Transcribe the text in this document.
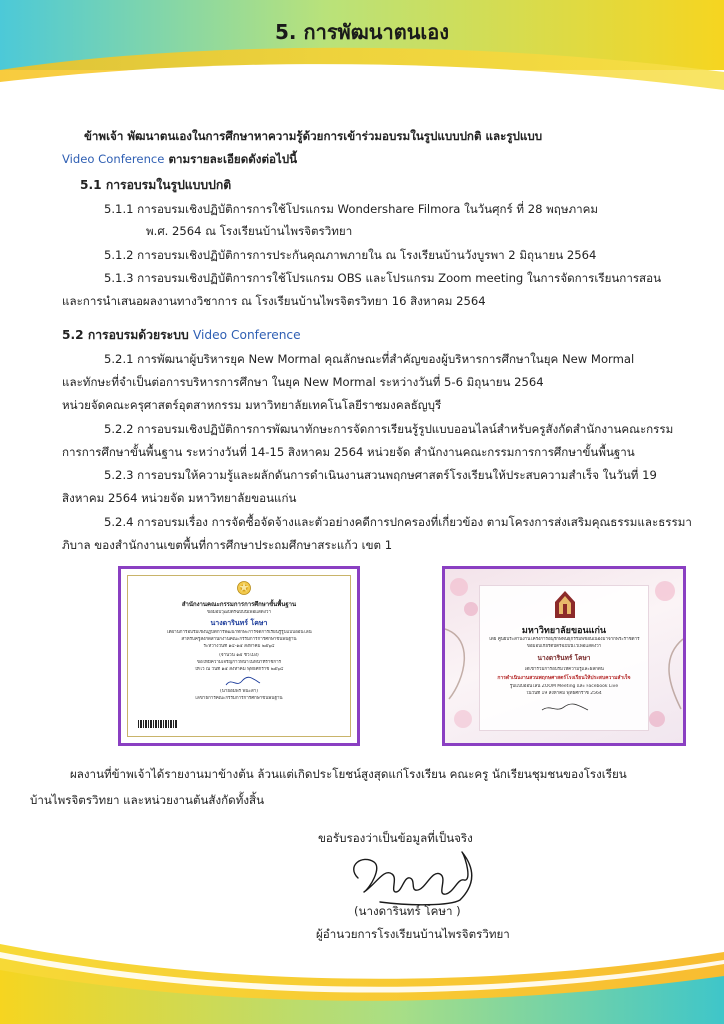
5. การพัฒนาตนเอง
ข้าพเจ้า พัฒนาตนเองในการศึกษาหาความรู้ด้วยการเข้าร่วมอบรมในรูปแบบปกติ และรูปแบบ
Video Conference ตามรายละเอียดดังต่อไปนี้
5.1 การอบรมในรูปแบบปกติ
5.1.1 การอบรมเชิงปฏิบัติการการใช้โปรแกรม Wondershare Filmora ในวันศุกร์ ที่ 28 พฤษภาคม
พ.ศ. 2564 ณ โรงเรียนบ้านไพรจิตรวิทยา
5.1.2 การอบรมเชิงปฏิบัติการการประกันคุณภาพภายใน ณ โรงเรียนบ้านวังบูรพา 2 มิถุนายน 2564
5.1.3 การอบรมเชิงปฏิบัติการการใช้โปรแกรม OBS และโปรแกรม Zoom meeting ในการจัดการเรียนการสอน
และการนำเสนอผลงานทางวิชาการ ณ โรงเรียนบ้านไพรจิตรวิทยา 16 สิงหาคม 2564
5.2 การอบรมด้วยระบบ Video Conference
5.2.1 การพัฒนาผู้บริหารยุค New Mormal คุณลักษณะที่สำคัญของผู้บริหารการศึกษาในยุค New Mormal
และทักษะที่จำเป็นต่อการบริหารการศึกษา ในยุค New Mormal ระหว่างวันที่ 5-6 มิถุนายน 2564
หน่วยจัดคณะครุศาสตร์อุตสาหกรรม มหาวิทยาลัยเทคโนโลยีราชมงคลธัญบุรี
5.2.2 การอบรมเชิงปฏิบัติการการพัฒนาทักษะการจัดการเรียนรู้รูปแบบออนไลน์สำหรับครูสังกัดสำนักงานคณะกรรม
การการศึกษาขั้นพื้นฐาน ระหว่างวันที่ 14-15 สิงหาคม 2564 หน่วยจัด สำนักงานคณะกรรมการการศึกษาขั้นพื้นฐาน
5.2.3 การอบรมให้ความรู้และผลักดันการดำเนินงานสวนพฤกษศาสตร์โรงเรียนให้ประสบความสำเร็จ ในวันที่ 19
สิงหาคม 2564 หน่วยจัด มหาวิทยาลัยขอนแก่น
5.2.4 การอบรมเรื่อง การจัดซื้อจัดจ้างและตัวอย่างคดีการปกครองที่เกี่ยวข้อง ตามโครงการส่งเสริมคุณธรรมและธรรมา
ภิบาล ของสำนักงานเขตพื้นที่การศึกษาประถมศึกษาสระแก้ว เขต 1
สำนักงานคณะกรรมการการศึกษาขั้นพื้นฐาน
ขอมอบวุฒิบัตรฉบับนี้เพื่อแสดงว่า
นางดารินทร์ โคษา
ได้ผ่านการอบรมเชิงปฏิบัติการพัฒนาทักษะการจัดการเรียนรู้รูปแบบออนไลน์
สำหรับครูสังกัดสำนักงานคณะกรรมการการศึกษาขั้นพื้นฐาน
ระหว่างวันที่ ๑๔-๑๕ สิงหาคม ๒๕๖๔
(จำนวน ๑๕ ชั่วโมง)
ขอให้มีความเจริญก้าวหน้าในหน้าที่ราชการ
ให้ไว้ ณ วันที่ ๑๕ สิงหาคม พุทธศักราช ๒๕๖๔
(นายอัมพร พินะสา)
เลขาธิการคณะกรรมการการศึกษาขั้นพื้นฐาน
มหาวิทยาลัยขอนแก่น
โดย ศูนย์ประสานงานโครงการอนุรักษ์พันธุกรรมพืชอันเนื่องมาจากพระราชดำริ
ขอมอบเกียรติบัตรฉบับนี้ไว้เพื่อแสดงว่า
นางดารินทร์ โคษา
ได้เข้าร่วมการอบรมให้ความรู้และผลักดัน
การดำเนินงานสวนพฤกษศาสตร์โรงเรียนให้ประสบความสำเร็จ
รูปแบบออนไลน์ ZOOM Meeting และ Facebook Live
ในวันที่ 19 สิงหาคม พุทธศักราช 2564
ผลงานที่ข้าพเจ้าได้รายงานมาข้างต้น ล้วนแต่เกิดประโยชน์สูงสุดแก่โรงเรียน คณะครู นักเรียนชุมชนของโรงเรียน
บ้านไพรจิตรวิทยา และหน่วยงานต้นสังกัดทั้งสิ้น
ขอรับรองว่าเป็นข้อมูลที่เป็นจริง
(นางดารินทร์ โคษา )
ผู้อำนวยการโรงเรียนบ้านไพรจิตรวิทยา
